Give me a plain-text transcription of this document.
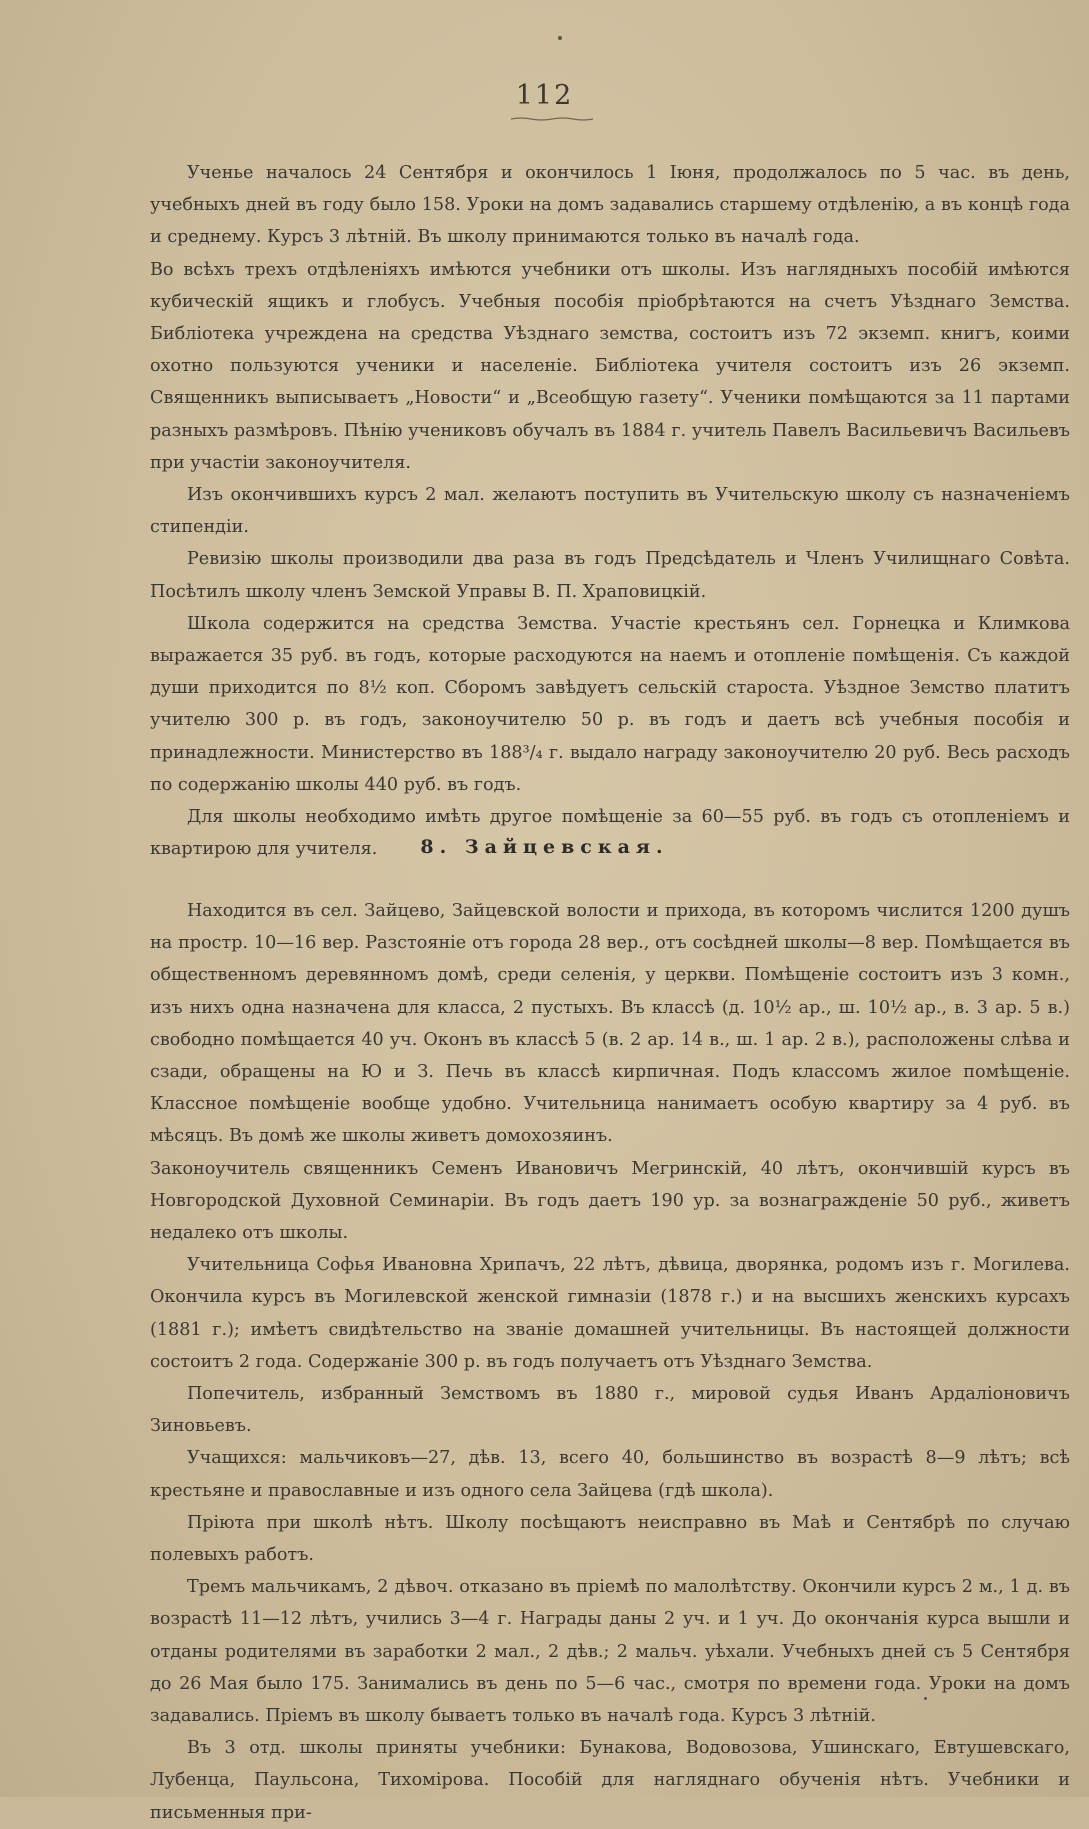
112

Ученье началось 24 Сентября и окончилось 1 Іюня, продолжалось по 5 час. въ день, учебныхъ дней въ году было 158. Уроки на домъ задавались старшему отдѣленію, а въ концѣ года и среднему. Курсъ 3 лѣтній. Въ школу принимаются только въ началѣ года.

Во всѣхъ трехъ отдѣленіяхъ имѣются учебники отъ школы. Изъ наглядныхъ пособій имѣются кубическій ящикъ и глобусъ. Учебныя пособія пріобрѣтаются на счетъ Уѣзднаго Земства. Библіотека учреждена на средства Уѣзднаго земства, состоитъ изъ 72 экземп. книгъ, коими охотно пользуются ученики и населеніе. Библіотека учителя состоитъ изъ 26 экземп. Священникъ выписываетъ „Новости“ и „Всеобщую газету“. Ученики помѣщаются за 11 партами разныхъ размѣровъ. Пѣнію учениковъ обучалъ въ 1884 г. учитель Павелъ Васильевичъ Васильевъ при участіи законоучителя.

Изъ окончившихъ курсъ 2 мал. желаютъ поступить въ Учительскую школу съ назначеніемъ стипендіи.

Ревизію школы производили два раза въ годъ Предсѣдатель и Членъ Училищнаго Совѣта. Посѣтилъ школу членъ Земской Управы В. П. Храповицкій.

Школа содержится на средства Земства. Участіе крестьянъ сел. Горнецка и Климкова выражается 35 руб. въ годъ, которые расходуются на наемъ и отопленіе помѣщенія. Съ каждой души приходится по 8½ коп. Сборомъ завѣдуетъ сельскій староста. Уѣздное Земство платитъ учителю 300 р. въ годъ, законоучителю 50 р. въ годъ и даетъ всѣ учебныя пособія и принадлежности. Министерство въ 188³/₄ г. выдало награду законоучителю 20 руб. Весь расходъ по содержанію школы 440 руб. въ годъ.

Для школы необходимо имѣть другое помѣщеніе за 60—55 руб. въ годъ съ отопленіемъ и квартирою для учителя.	8. Зайцевская.

Находится въ сел. Зайцево, Зайцевской волости и прихода, въ которомъ числится 1200 душъ на простр. 10—16 вер. Разстояніе отъ города 28 вер., отъ сосѣдней школы—8 вер. Помѣщается въ общественномъ деревянномъ домѣ, среди селенія, у церкви. Помѣщеніе состоитъ изъ 3 комн., изъ нихъ одна назначена для класса, 2 пустыхъ. Въ классѣ (д. 10½ ар., ш. 10½ ар., в. 3 ар. 5 в.) свободно помѣщается 40 уч. Оконъ въ классѣ 5 (в. 2 ар. 14 в., ш. 1 ар. 2 в.), расположены слѣва и сзади, обращены на Ю и З. Печь въ классѣ кирпичная. Подъ классомъ жилое помѣщеніе. Классное помѣщеніе вообще удобно. Учительница нанимаетъ особую квартиру за 4 руб. въ мѣсяцъ. Въ домѣ же школы живетъ домохозяинъ.

Законоучитель священникъ Семенъ Ивановичъ Мегринскій, 40 лѣтъ, окончившій курсъ въ Новгородской Духовной Семинаріи. Въ годъ даетъ 190 ур. за вознагражденіе 50 руб., живетъ недалеко отъ школы.

Учительница Софья Ивановна Хрипачъ, 22 лѣтъ, дѣвица, дворянка, родомъ изъ г. Могилева. Окончила курсъ въ Могилевской женской гимназіи (1878 г.) и на высшихъ женскихъ курсахъ (1881 г.); имѣетъ свидѣтельство на званіе домашней учительницы. Въ настоящей должности состоитъ 2 года. Содержаніе 300 р. въ годъ получаетъ отъ Уѣзднаго Земства.

Попечитель, избранный Земствомъ въ 1880 г., мировой судья Иванъ Ардаліоновичъ Зиновьевъ.

Учащихся: мальчиковъ—27, дѣв. 13, всего 40, большинство въ возрастѣ 8—9 лѣтъ; всѣ крестьяне и православные и изъ одного села Зайцева (гдѣ школа).

Пріюта при школѣ нѣтъ. Школу посѣщаютъ неисправно въ Маѣ и Сентябрѣ по случаю полевыхъ работъ.

Тремъ мальчикамъ, 2 дѣвоч. отказано въ пріемѣ по малолѣтству. Окончили курсъ 2 м., 1 д. въ возрастѣ 11—12 лѣтъ, учились 3—4 г. Награды даны 2 уч. и 1 уч. До окончанія курса вышли и отданы родителями въ заработки 2 мал., 2 дѣв.; 2 мальч. уѣхали. Учебныхъ дней съ 5 Сентября до 26 Мая было 175. Занимались въ день по 5—6 час., смотря по времени года. Уроки на домъ задавались. Пріемъ въ школу бываетъ только въ началѣ года. Курсъ 3 лѣтній.

Въ 3 отд. школы приняты учебники: Бунакова, Водовозова, Ушинскаго, Евтушевскаго, Лубенца, Паульсона, Тихомірова. Пособій для нагляднаго обученія нѣтъ. Учебники и письменныя при-
